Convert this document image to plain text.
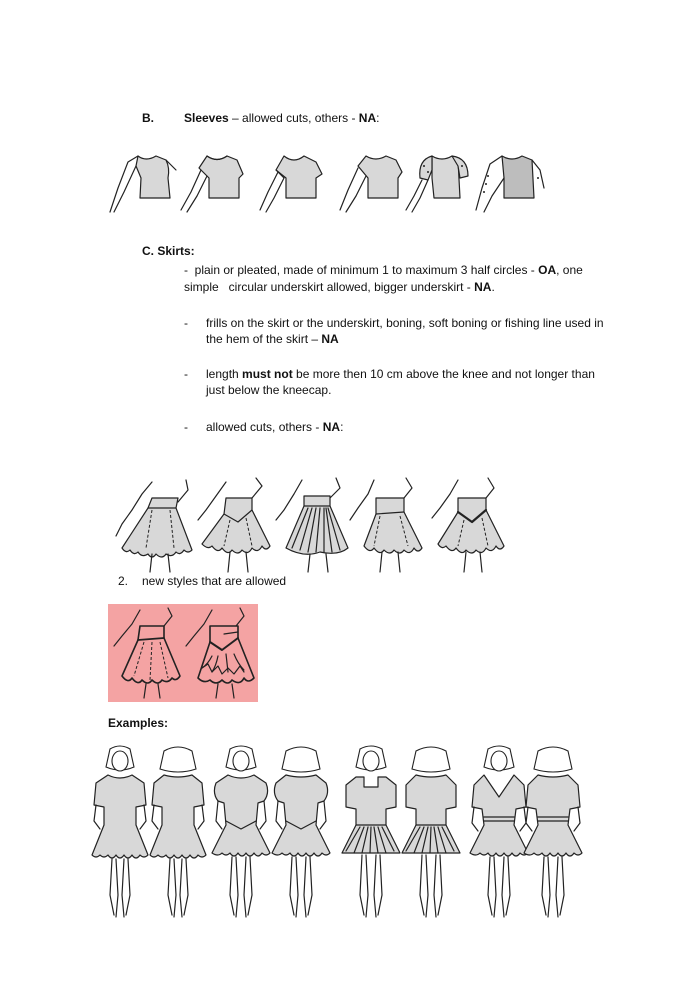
B.	Sleeves – allowed cuts, others - NA:
C. Skirts:
- plain or pleated, made of minimum 1 to maximum 3 half circles - OA, one
simple   circular underskirt allowed, bigger underskirt - NA.
- frills on the skirt or the underskirt, boning, soft boning or fishing line used in
the hem of the skirt – NA
- length must not be more then 10 cm above the knee and not longer than
just below the kneecap.
- allowed cuts, others - NA:
2. new styles that are allowed
Examples:
